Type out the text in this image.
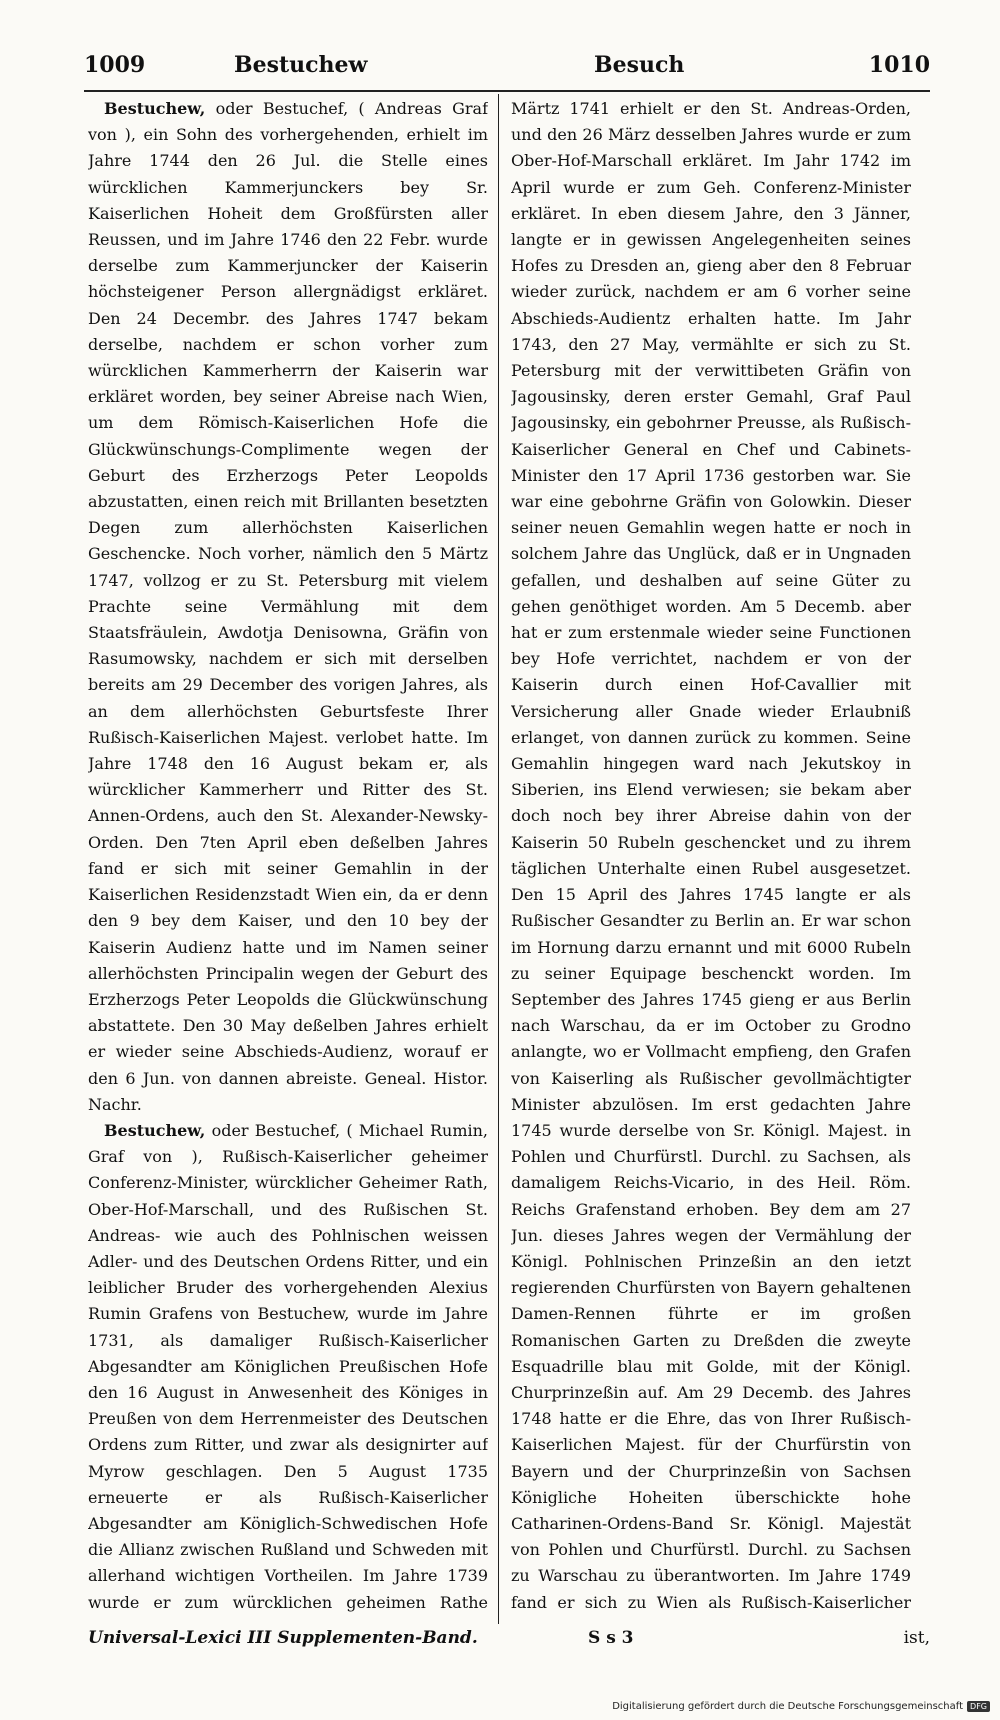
1009	Bestuchew	Besuch	1010

Bestuchew, oder Bestuchef, ( Andreas Graf von ), ein Sohn des vorhergehenden, erhielt im Jahre 1744 den 26 Jul. die Stelle eines würcklichen Kammerjunckers bey Sr. Kaiserlichen Hoheit dem Großfürsten aller Reussen, und im Jahre 1746 den 22 Febr. wurde derselbe zum Kammerjuncker der Kaiserin höchsteigener Person allergnädigst erkläret. Den 24 Decembr. des Jahres 1747 bekam derselbe, nachdem er schon vorher zum würcklichen Kammerherrn der Kaiserin war erkläret worden, bey seiner Abreise nach Wien, um dem Römisch-Kaiserlichen Hofe die Glückwünschungs-Complimente wegen der Geburt des Erzherzogs Peter Leopolds abzustatten, einen reich mit Brillanten besetzten Degen zum allerhöchsten Kaiserlichen Geschencke. Noch vorher, nämlich den 5 Märtz 1747, vollzog er zu St. Petersburg mit vielem Prachte seine Vermählung mit dem Staatsfräulein, Awdotja Denisowna, Gräfin von Rasumowsky, nachdem er sich mit derselben bereits am 29 December des vorigen Jahres, als an dem allerhöchsten Geburtsfeste Ihrer Rußisch-Kaiserlichen Majest. verlobet hatte. Im Jahre 1748 den 16 August bekam er, als würcklicher Kammerherr und Ritter des St. Annen-Ordens, auch den St. Alexander-Newsky-Orden. Den 7ten April eben deßelben Jahres fand er sich mit seiner Gemahlin in der Kaiserlichen Residenzstadt Wien ein, da er denn den 9 bey dem Kaiser, und den 10 bey der Kaiserin Audienz hatte und im Namen seiner allerhöchsten Principalin wegen der Geburt des Erzherzogs Peter Leopolds die Glückwünschung abstattete. Den 30 May deßelben Jahres erhielt er wieder seine Abschieds-Audienz, worauf er den 6 Jun. von dannen abreiste. Geneal. Histor. Nachr.

Bestuchew, oder Bestuchef, ( Michael Rumin, Graf von ), Rußisch-Kaiserlicher geheimer Conferenz-Minister, würcklicher Geheimer Rath, Ober-Hof-Marschall, und des Rußischen St. Andreas- wie auch des Pohlnischen weissen Adler- und des Deutschen Ordens Ritter, und ein leiblicher Bruder des vorhergehenden Alexius Rumin Grafens von Bestuchew, wurde im Jahre 1731, als damaliger Rußisch-Kaiserlicher Abgesandter am Königlichen Preußischen Hofe den 16 August in Anwesenheit des Königes in Preußen von dem Herrenmeister des Deutschen Ordens zum Ritter, und zwar als designirter auf Myrow geschlagen. Den 5 August 1735 erneuerte er als Rußisch-Kaiserlicher Abgesandter am Königlich-Schwedischen Hofe die Allianz zwischen Rußland und Schweden mit allerhand wichtigen Vortheilen. Im Jahre 1739 wurde er zum würcklichen geheimen Rathe

Märtz 1741 erhielt er den St. Andreas-Orden, und den 26 März desselben Jahres wurde er zum Ober-Hof-Marschall erkläret. Im Jahr 1742 im April wurde er zum Geh. Conferenz-Minister erkläret. In eben diesem Jahre, den 3 Jänner, langte er in gewissen Angelegenheiten seines Hofes zu Dresden an, gieng aber den 8 Februar wieder zurück, nachdem er am 6 vorher seine Abschieds-Audientz erhalten hatte. Im Jahr 1743, den 27 May, vermählte er sich zu St. Petersburg mit der verwittibeten Gräfin von Jagousinsky, deren erster Gemahl, Graf Paul Jagousinsky, ein gebohrner Preusse, als Rußisch-Kaiserlicher General en Chef und Cabinets-Minister den 17 April 1736 gestorben war. Sie war eine gebohrne Gräfin von Golowkin. Dieser seiner neuen Gemahlin wegen hatte er noch in solchem Jahre das Unglück, daß er in Ungnaden gefallen, und deshalben auf seine Güter zu gehen genöthiget worden. Am 5 Decemb. aber hat er zum erstenmale wieder seine Functionen bey Hofe verrichtet, nachdem er von der Kaiserin durch einen Hof-Cavallier mit Versicherung aller Gnade wieder Erlaubniß erlanget, von dannen zurück zu kommen. Seine Gemahlin hingegen ward nach Jekutskoy in Siberien, ins Elend verwiesen; sie bekam aber doch noch bey ihrer Abreise dahin von der Kaiserin 50 Rubeln geschencket und zu ihrem täglichen Unterhalte einen Rubel ausgesetzet. Den 15 April des Jahres 1745 langte er als Rußischer Gesandter zu Berlin an. Er war schon im Hornung darzu ernannt und mit 6000 Rubeln zu seiner Equipage beschenckt worden. Im September des Jahres 1745 gieng er aus Berlin nach Warschau, da er im October zu Grodno anlangte, wo er Vollmacht empfieng, den Grafen von Kaiserling als Rußischer gevollmächtigter Minister abzulösen. Im erst gedachten Jahre 1745 wurde derselbe von Sr. Königl. Majest. in Pohlen und Churfürstl. Durchl. zu Sachsen, als damaligem Reichs-Vicario, in des Heil. Röm. Reichs Grafenstand erhoben. Bey dem am 27 Jun. dieses Jahres wegen der Vermählung der Königl. Pohlnischen Prinzeßin an den ietzt regierenden Churfürsten von Bayern gehaltenen Damen-Rennen führte er im großen Romanischen Garten zu Dreßden die zweyte Esquadrille blau mit Golde, mit der Königl. Churprinzeßin auf. Am 29 Decemb. des Jahres 1748 hatte er die Ehre, das von Ihrer Rußisch-Kaiserlichen Majest. für der Churfürstin von Bayern und der Churprinzeßin von Sachsen Königliche Hoheiten überschickte hohe Catharinen-Ordens-Band Sr. Königl. Majestät von Pohlen und Churfürstl. Durchl. zu Sachsen zu Warschau zu überantworten. Im Jahre 1749 fand er sich zu Wien als Rußisch-Kaiserlicher

Universal-Lexici III Supplementen-Band.	S s 3	ist,
Digitalisierung gefördert durch die Deutsche Forschungsgemeinschaft DFG
